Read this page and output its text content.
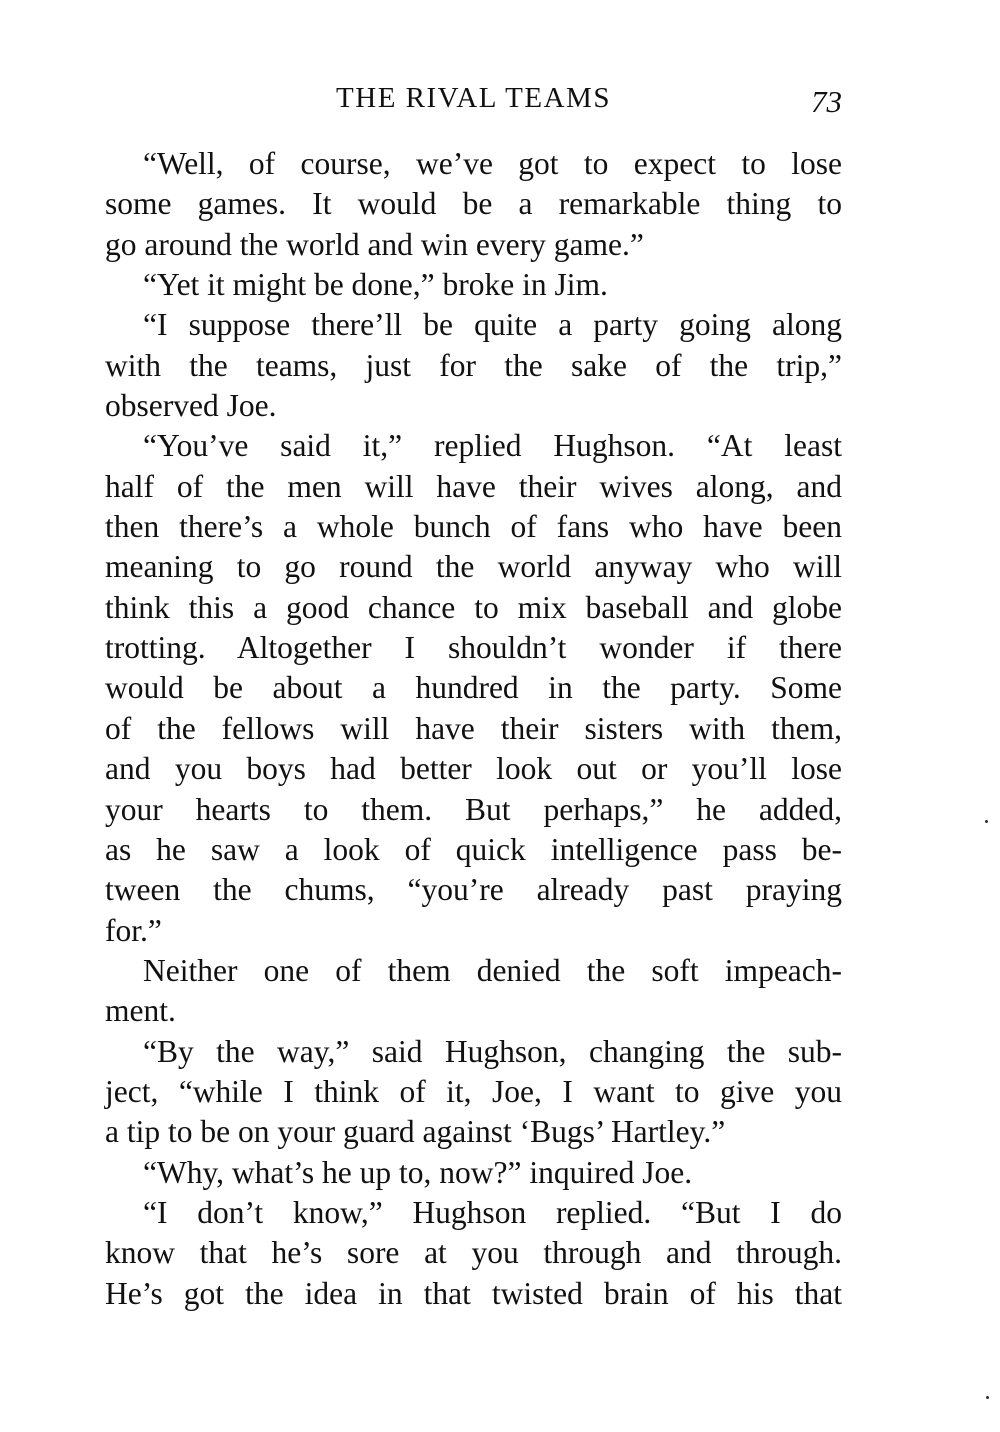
THE RIVAL TEAMS	73
“Well, of course, we’ve got to expect to lose
some games. It would be a remarkable thing to
go around the world and win every game.”
“Yet it might be done,” broke in Jim.
“I suppose there’ll be quite a party going along
with the teams, just for the sake of the trip,”
observed Joe.
“You’ve said it,” replied Hughson. “At least
half of the men will have their wives along, and
then there’s a whole bunch of fans who have been
meaning to go round the world anyway who will
think this a good chance to mix baseball and globe
trotting. Altogether I shouldn’t wonder if there
would be about a hundred in the party. Some
of the fellows will have their sisters with them,
and you boys had better look out or you’ll lose
your hearts to them. But perhaps,” he added,
as he saw a look of quick intelligence pass be-
tween the chums, “you’re already past praying
for.”
Neither one of them denied the soft impeach-
ment.
“By the way,” said Hughson, changing the sub-
ject, “while I think of it, Joe, I want to give you
a tip to be on your guard against ‘Bugs’ Hartley.”
“Why, what’s he up to, now?” inquired Joe.
“I don’t know,” Hughson replied. “But I do
know that he’s sore at you through and through.
He’s got the idea in that twisted brain of his that
